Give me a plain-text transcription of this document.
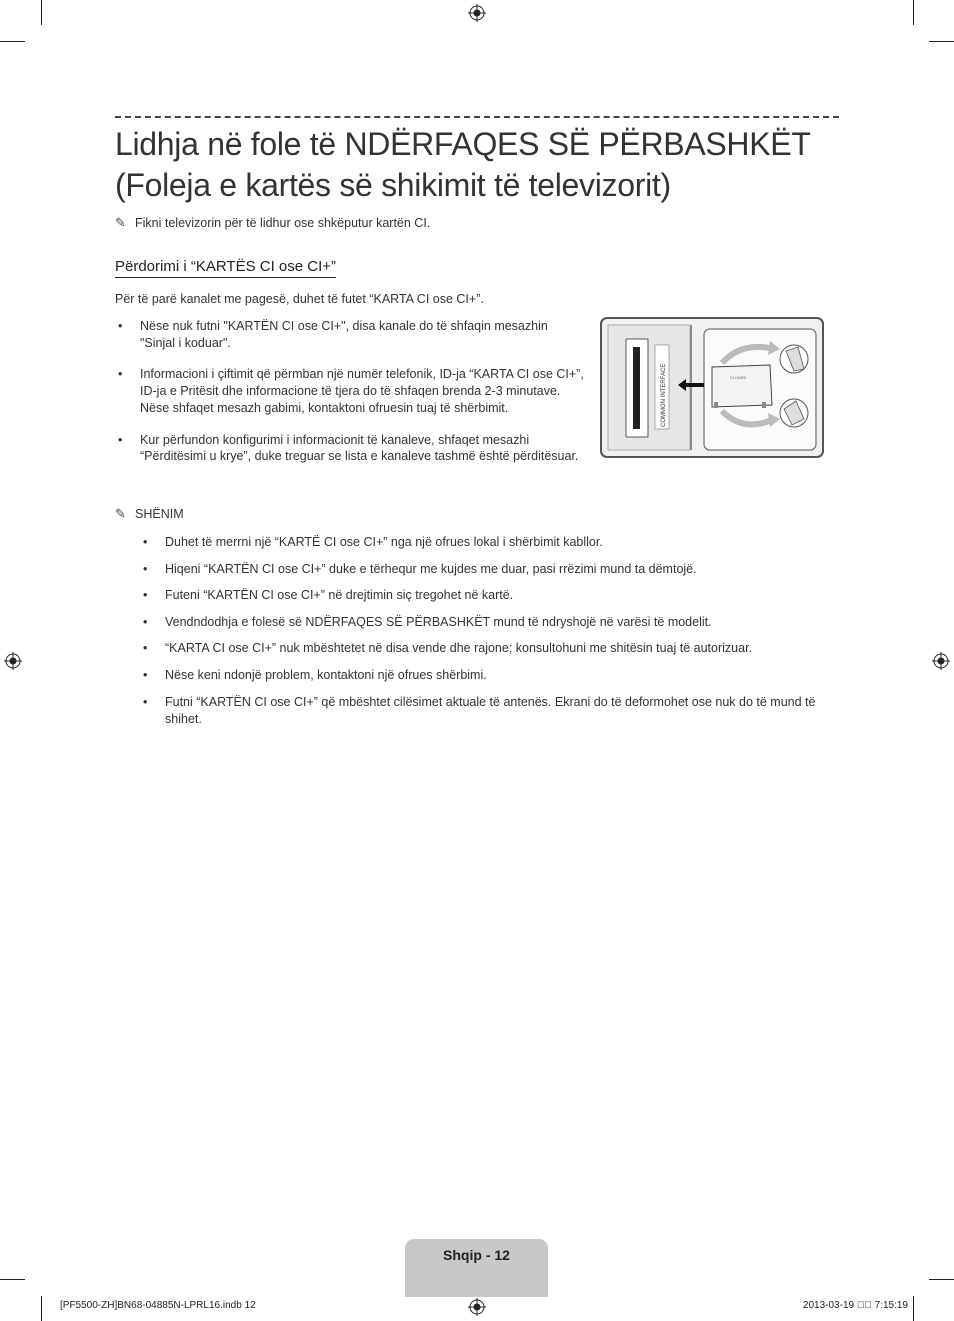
Lidhja në fole të NDËRFAQES SË PËRBASHKËT
(Foleja e kartës së shikimit të televizorit)
✎ Fikni televizorin për të lidhur ose shkëputur kartën CI.
Përdorimi i “KARTËS CI ose CI+”
Për të parë kanalet me pagesë, duhet të futet “KARTA CI ose CI+”.
• Nëse nuk futni "KARTËN CI ose CI+", disa kanale do të shfaqin mesazhin "Sinjal i koduar".
• Informacioni i çiftimit që përmban një numër telefonik, ID-ja “KARTA CI ose CI+”, ID-ja e Pritësit dhe informacione të tjera do të shfaqen brenda 2-3 minutave. Nëse shfaqet mesazh gabimi, kontaktoni ofruesin tuaj të shërbimit.
• Kur përfundon konfigurimi i informacionit të kanaleve, shfaqet mesazhi “Përditësimi u krye”, duke treguar se lista e kanaleve tashmë është përditësuar.
COMMON INTERFACE	CI CARD
✎ SHËNIM
• Duhet të merrni një “KARTË CI ose CI+” nga një ofrues lokal i shërbimit kabllor.
• Hiqeni “KARTËN CI ose CI+” duke e tërhequr me kujdes me duar, pasi rrëzimi mund ta dëmtojë.
• Futeni “KARTËN CI ose CI+” në drejtimin siç tregohet në kartë.
• Vendndodhja e folesë së NDËRFAQES SË PËRBASHKËT mund të ndryshojë në varësi të modelit.
• “KARTA CI ose CI+” nuk mbështetet në disa vende dhe rajone; konsultohuni me shitësin tuaj të autorizuar.
• Nëse keni ndonjë problem, kontaktoni një ofrues shërbimi.
• Futni “KARTËN CI ose CI+” që mbështet cilësimet aktuale të antenës. Ekrani do të deformohet ose nuk do të mund të shihet.
Shqip - 12
[PF5500-ZH]BN68-04885N-LPRL16.indb 12	2013-03-19 ￿￿ 7:15:19
